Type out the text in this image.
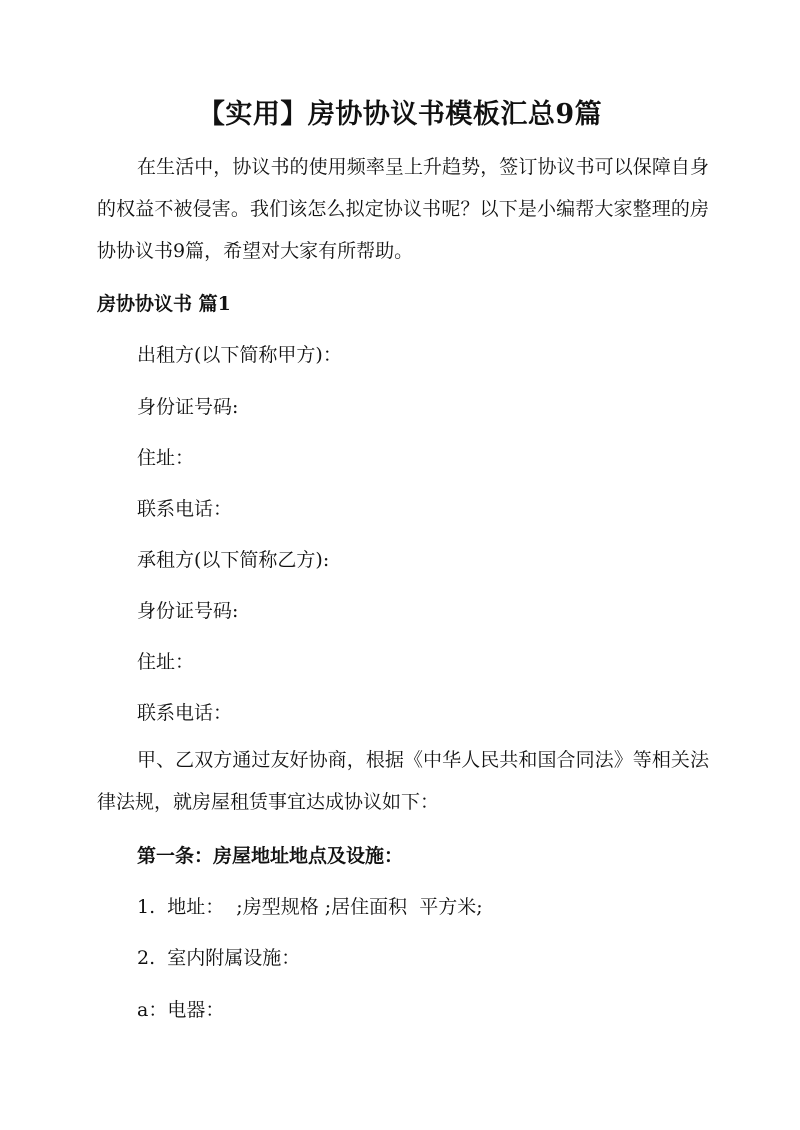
【实用】房协协议书模板汇总9篇

在生活中，协议书的使用频率呈上升趋势，签订协议书可以保障自身的权益不被侵害。我们该怎么拟定协议书呢？以下是小编帮大家整理的房协协议书9篇，希望对大家有所帮助。

房协协议书 篇1
出租方(以下简称甲方)：
身份证号码:
住址：
联系电话：
承租方(以下简称乙方):
身份证号码:
住址：
联系电话：

甲、乙双方通过友好协商，根据《中华人民共和国合同法》等相关法律法规，就房屋租赁事宜达成协议如下：

第一条：房屋地址地点及设施：
1.  地址：  ;房型规格 ;居住面积  平方米;
2.  室内附属设施：
a：电器：
